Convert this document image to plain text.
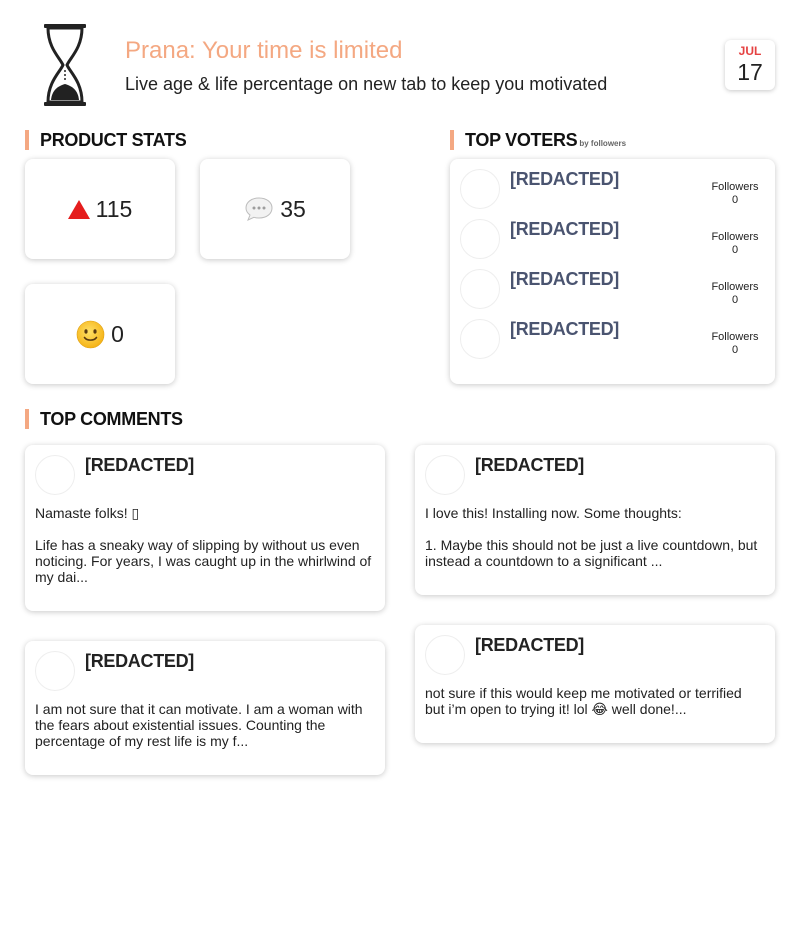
Prana: Your time is limited
Live age & life percentage on new tab to keep you motivated
JUL
17
PRODUCT STATS
115	35
0
TOP VOTERS by followers
[REDACTED]	Followers
0
[REDACTED]	Followers
0
[REDACTED]	Followers
0
[REDACTED]	Followers
0
TOP COMMENTS
[REDACTED]
Namaste folks! ▯

Life has a sneaky way of slipping by without us even noticing. For years, I was caught up in the whirlwind of my dai...
[REDACTED]
I love this! Installing now. Some thoughts:

1. Maybe this should not be just a live countdown, but instead a countdown to a significant ...
[REDACTED]
I am not sure that it can motivate. I am a woman with the fears about existential issues. Counting the percentage of my rest life is my f...
[REDACTED]
not sure if this would keep me motivated or terrified but i’m open to trying it! lol 😂 well done!...
